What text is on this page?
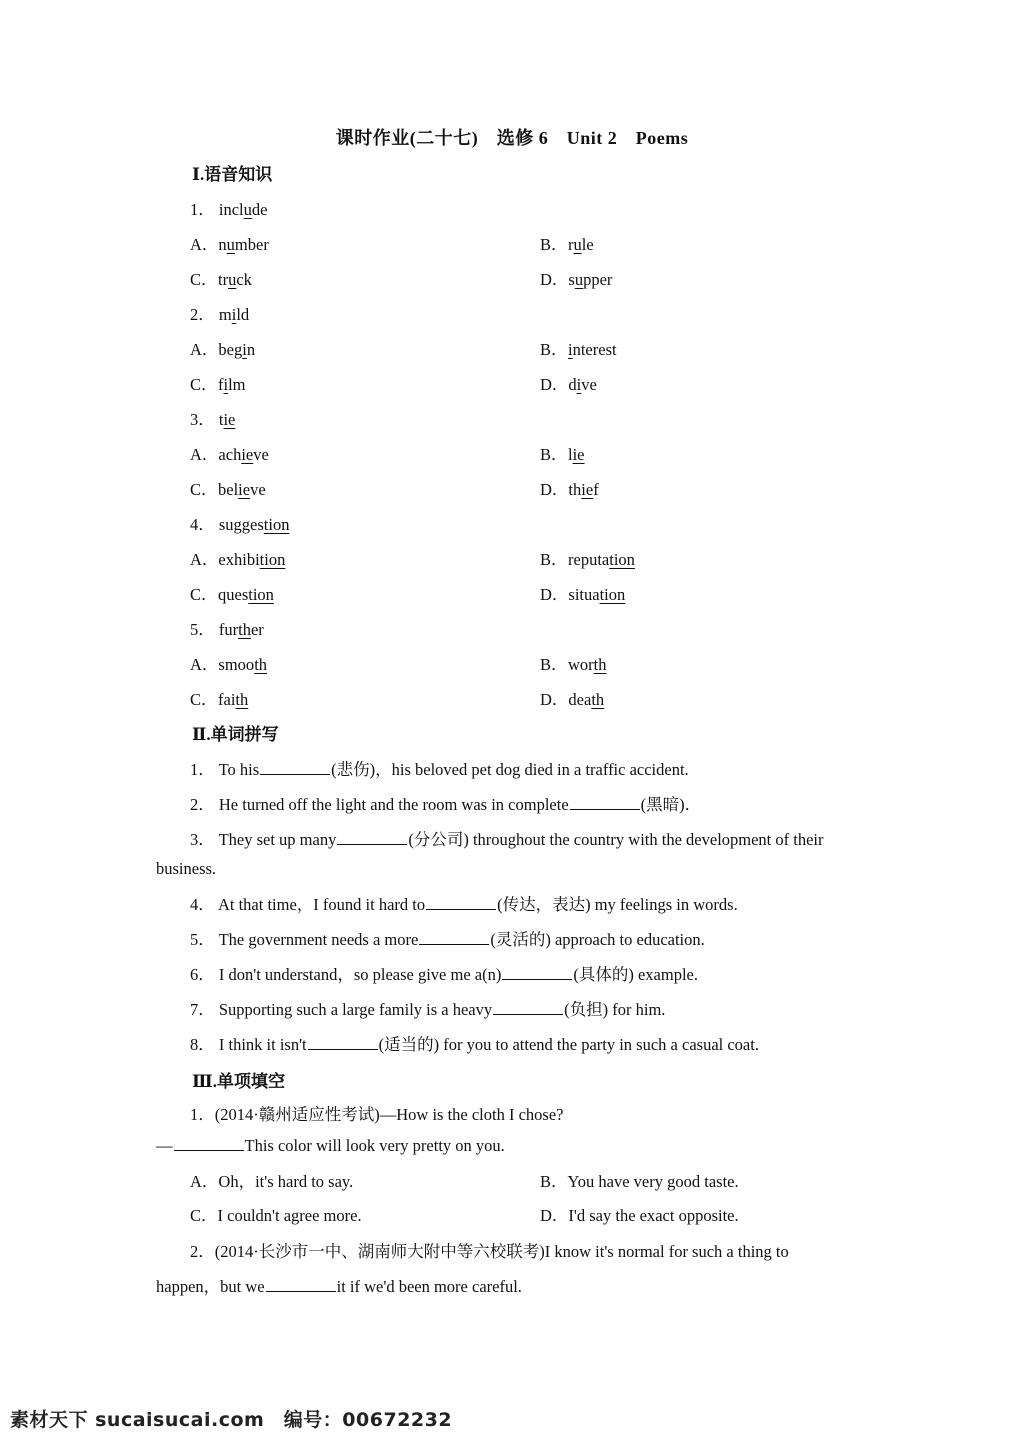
课时作业(二十七)　选修 6　Unit 2　Poems
Ⅰ.语音知识
1． include
A．number	B．rule
C．truck	D．supper
2． mild
A．begin	B．interest
C．film	D．dive
3． tie
A．achieve	B．lie
C．believe	D．thief
4． suggestion
A．exhibition	B．reputation
C．question	D．situation
5． further
A．smooth	B．worth
C．faith	D．death
Ⅱ.单词拼写
1． To his	(悲伤)，his beloved pet dog died in a traffic accident.
2． He turned off the light and the room was in complete	(黑暗)．
3． They set up many	(分公司) throughout the country with the development of their
business.
4． At that time，I found it hard to	(传达，表达) my feelings in words.
5． The government needs a more	(灵活的) approach to education.
6． I don't understand，so please give me a(n)	(具体的) example.
7． Supporting such a large family is a heavy	(负担) for him.
8． I think it isn't	(适当的) for you to attend the party in such a casual coat.
Ⅲ.单项填空
1．(2014·赣州适应性考试)—How is the cloth I chose?
—	This color will look very pretty on you.
A．Oh，it's hard to say.	B．You have very good taste.
C．I couldn't agree more.	D．I'd say the exact opposite.
2．(2014·长沙市一中、湖南师大附中等六校联考)I know it's normal for such a thing to
happen，but we	it if we'd been more careful.
素材天下 sucaisucai.com　编号：00672232
